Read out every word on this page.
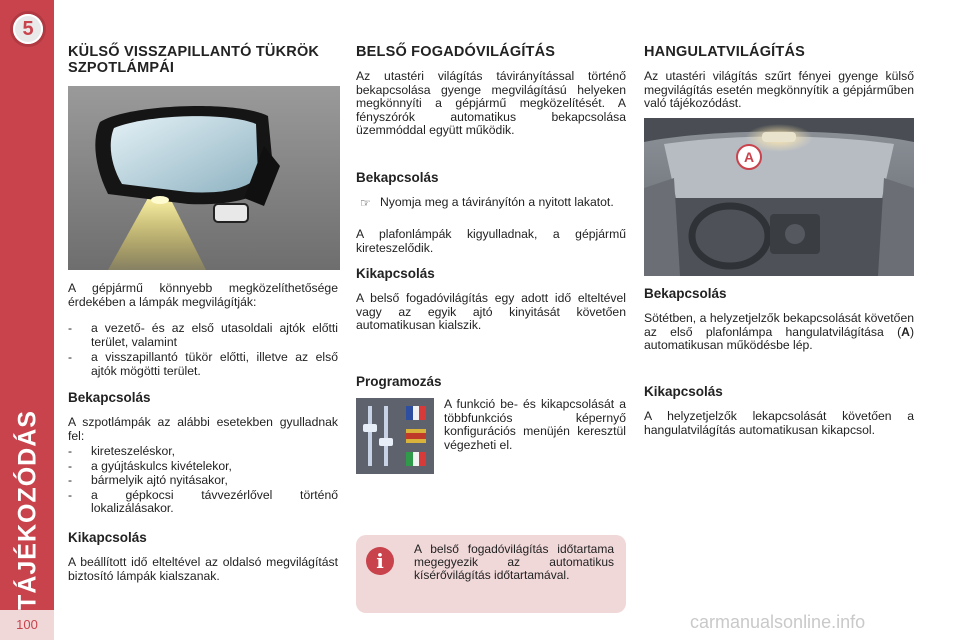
5
TÁJÉKOZÓDÁS
100
KÜLSŐ VISSZAPILLANTÓ TÜKRÖK SZPOTLÁMPÁI

A gépjármű könnyebb megközelíthetősége érdekében a lámpák megvilágítják:

- a vezető- és az első utasoldali ajtók előtti terület, valamint
- a visszapillantó tükör előtti, illetve az első ajtók mögötti terület.
Bekapcsolás

A szpotlámpák az alábbi esetekben gyulladnak fel:

- kireteszeléskor,
- a gyújtáskulcs kivételekor,
- bármelyik ajtó nyitásakor,
- a gépkocsi távvezérlővel történő lokalizálásakor.
Kikapcsolás

A beállított idő elteltével az oldalsó megvilágítást biztosító lámpák kialszanak.

BELSŐ FOGADÓVILÁGÍTÁS

Az utastéri világítás távirányítással történő bekapcsolása gyenge megvilágítású helyeken megkönnyíti a gépjármű megközelítését. A fényszórók automatikus bekapcsolása üzemmóddal együtt működik.

Bekapcsolás
☞ Nyomja meg a távirányítón a nyitott lakatot.

A plafonlámpák kigyulladnak, a gépjármű kireteszelődik.

Kikapcsolás

A belső fogadóvilágítás egy adott idő elteltével vagy az egyik ajtó kinyitását követően automatikusan kialszik.

Programozás

A funkció be- és kikapcsolását a többfunkciós képernyő konfigurációs menüjén keresztül végezheti el.

i	A belső fogadóvilágítás időtartama megegyezik az automatikus kísérővilágítás időtartamával.

HANGULATVILÁGÍTÁS

Az utastéri világítás szűrt fényei gyenge külső megvilágítás esetén megkönnyítik a gépjárműben való tájékozódást.

A
Bekapcsolás

Sötétben, a helyzetjelzők bekapcsolását követően az első plafonlámpa hangulatvilágítása (A) automatikusan működésbe lép.

Kikapcsolás

A helyzetjelzők lekapcsolását követően a hangulatvilágítás automatikusan kikapcsol.

carmanualsonline.info
